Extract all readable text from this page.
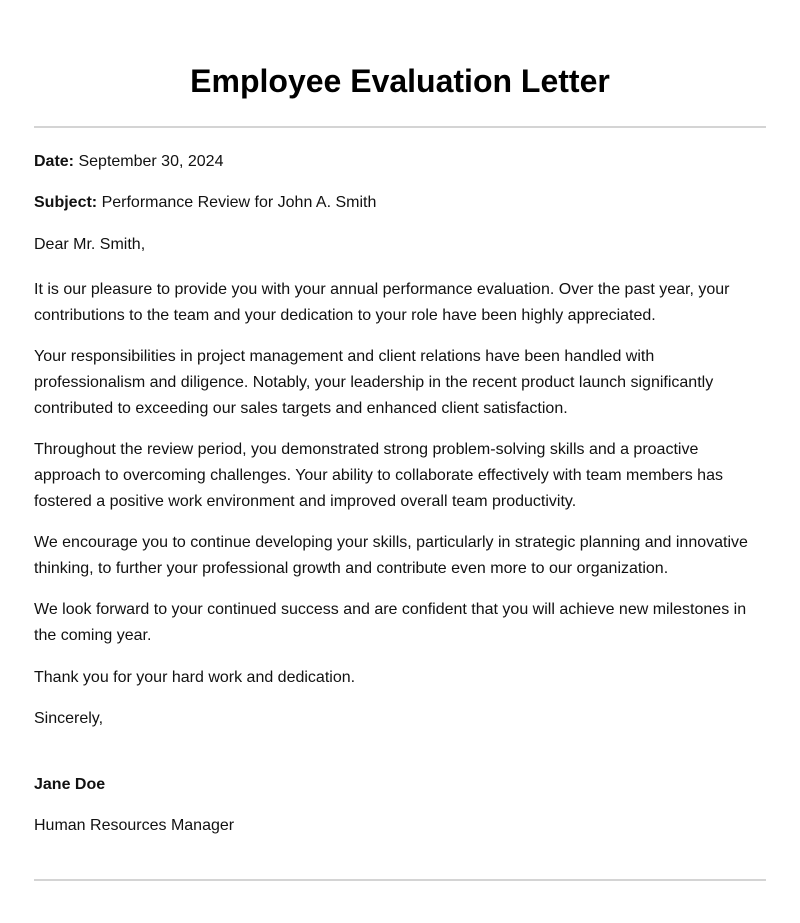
Employee Evaluation Letter

Date: September 30, 2024

Subject: Performance Review for John A. Smith

Dear Mr. Smith,

It is our pleasure to provide you with your annual performance evaluation. Over the past year, your contributions to the team and your dedication to your role have been highly appreciated.

Your responsibilities in project management and client relations have been handled with professionalism and diligence. Notably, your leadership in the recent product launch significantly contributed to exceeding our sales targets and enhanced client satisfaction.

Throughout the review period, you demonstrated strong problem-solving skills and a proactive approach to overcoming challenges. Your ability to collaborate effectively with team members has fostered a positive work environment and improved overall team productivity.

We encourage you to continue developing your skills, particularly in strategic planning and innovative thinking, to further your professional growth and contribute even more to our organization.

We look forward to your continued success and are confident that you will achieve new milestones in the coming year.

Thank you for your hard work and dedication.

Sincerely,

Jane Doe

Human Resources Manager
